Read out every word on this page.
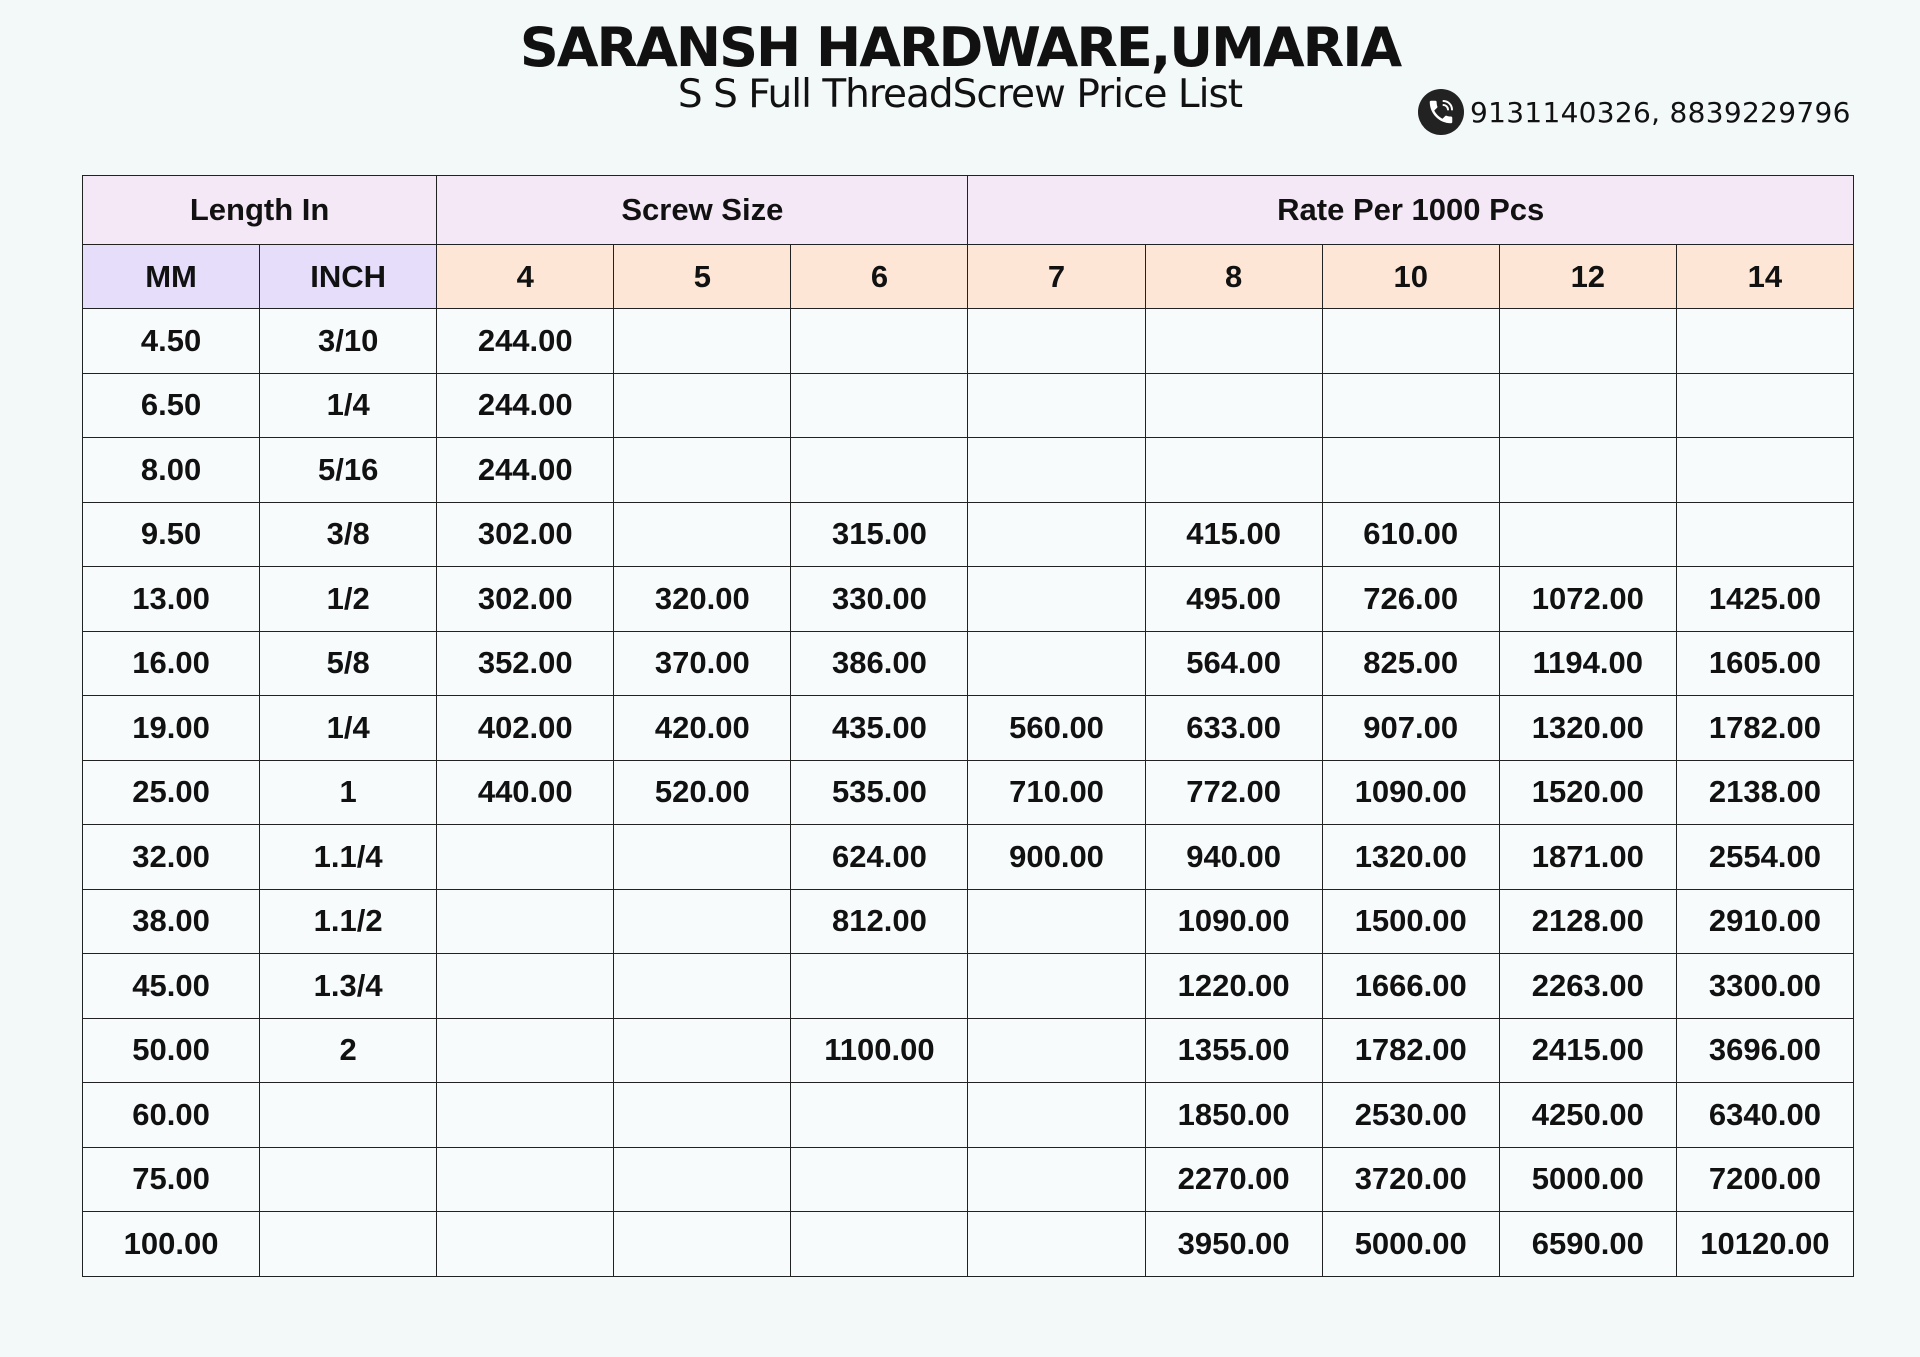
SARANSH HARDWARE,UMARIA
S S Full ThreadScrew Price List	9131140326, 8839229796
Length In		Screw Size			Rate Per 1000 Pcs				
MM	INCH	4	5	6	7	8	10	12	14
4.50	3/10	244.00							
6.50	1/4	244.00							
8.00	5/16	244.00							
9.50	3/8	302.00		315.00		415.00	610.00		
13.00	1/2	302.00	320.00	330.00		495.00	726.00	1072.00	1425.00
16.00	5/8	352.00	370.00	386.00		564.00	825.00	1194.00	1605.00
19.00	1/4	402.00	420.00	435.00	560.00	633.00	907.00	1320.00	1782.00
25.00	1	440.00	520.00	535.00	710.00	772.00	1090.00	1520.00	2138.00
32.00	1.1/4			624.00	900.00	940.00	1320.00	1871.00	2554.00
38.00	1.1/2			812.00		1090.00	1500.00	2128.00	2910.00
45.00	1.3/4					1220.00	1666.00	2263.00	3300.00
50.00	2			1100.00		1355.00	1782.00	2415.00	3696.00
60.00						1850.00	2530.00	4250.00	6340.00
75.00						2270.00	3720.00	5000.00	7200.00
100.00						3950.00	5000.00	6590.00	10120.00
